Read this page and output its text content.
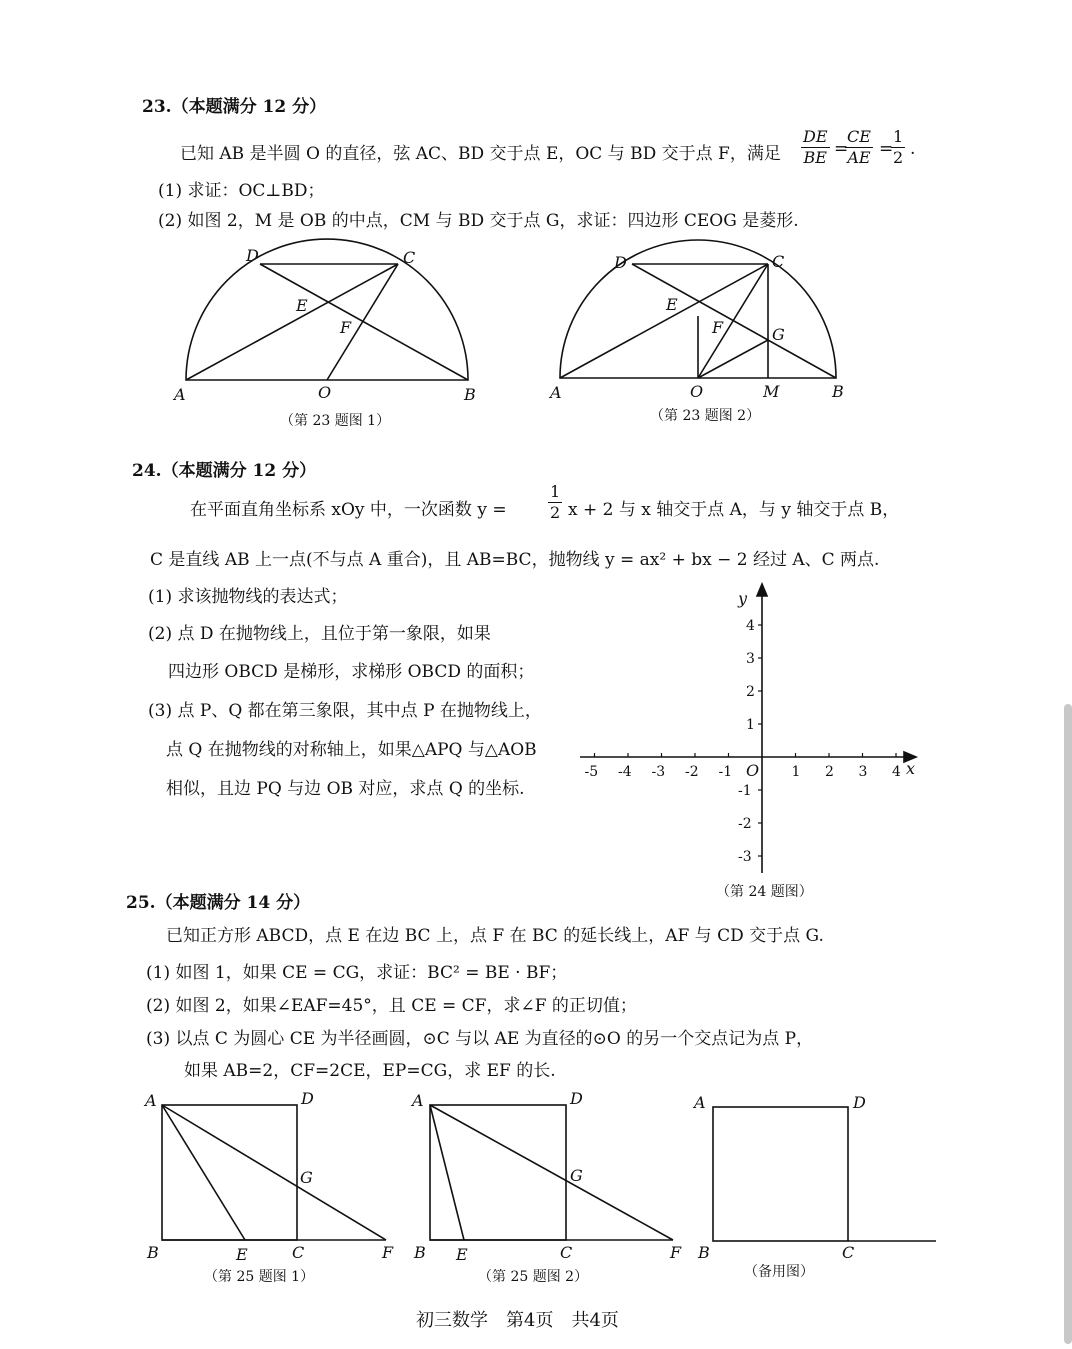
23.（本题满分 12 分）
已知 AB 是半圆 O 的直径，弦 AC、BD 交于点 E，OC 与 BD 交于点 F，满足 $\frac{DE}{BE}$ =
$\frac{CE}{AE}$ =
$\frac{1}{2}$ .
(1) 求证：OC⊥BD；
(2) 如图 2，M 是 OB 的中点，CM 与 BD 交于点 G，求证：四边形 CEOG 是菱形.
D	C
E
F
A	O	B
（第 23 题图 1）
D	C
E
F	G
A	O	M	B
（第 23 题图 2）
24.（本题满分 12 分）
在平面直角坐标系 xOy 中，一次函数 y =	$\frac{1}{2}$ x + 2 与 x 轴交于点 A，与 y 轴交于点 B，
C 是直线 AB 上一点(不与点 A 重合)，且 AB=BC，抛物线 y = ax² + bx − 2 经过 A、C 两点.
(1) 求该抛物线的表达式；
(2) 点 D 在抛物线上，且位于第一象限，如果
四边形 OBCD 是梯形，求梯形 OBCD 的面积；
(3) 点 P、Q 都在第三象限，其中点 P 在抛物线上，
点 Q 在抛物线的对称轴上，如果△APQ 与△AOB
相似，且边 PQ 与边 OB 对应，求点 Q 的坐标.
-5 -4 -3 -2 -1	1 2 3 4
4
3
2
1
-1
-2
-3
x
y
O
（第 24 题图）
25.（本题满分 14 分）
已知正方形 ABCD，点 E 在边 BC 上，点 F 在 BC 的延长线上，AF 与 CD 交于点 G.
(1) 如图 1，如果 CE = CG，求证：BC² = BE · BF；
(2) 如图 2，如果∠EAF=45°，且 CE = CF，求∠F 的正切值；
(3) 以点 C 为圆心 CE 为半径画圆，⊙C 与以 AE 为直径的⊙O 的另一个交点记为点 P，
如果 AB=2，CF=2CE，EP=CG，求 EF 的长.
A	D
G
B	E	C	F
（第 25 题图 1）
A	D
G
B E	C	F
（第 25 题图 2）
A	D
B	C
（备用图）
初三数学　第4页　共4页
